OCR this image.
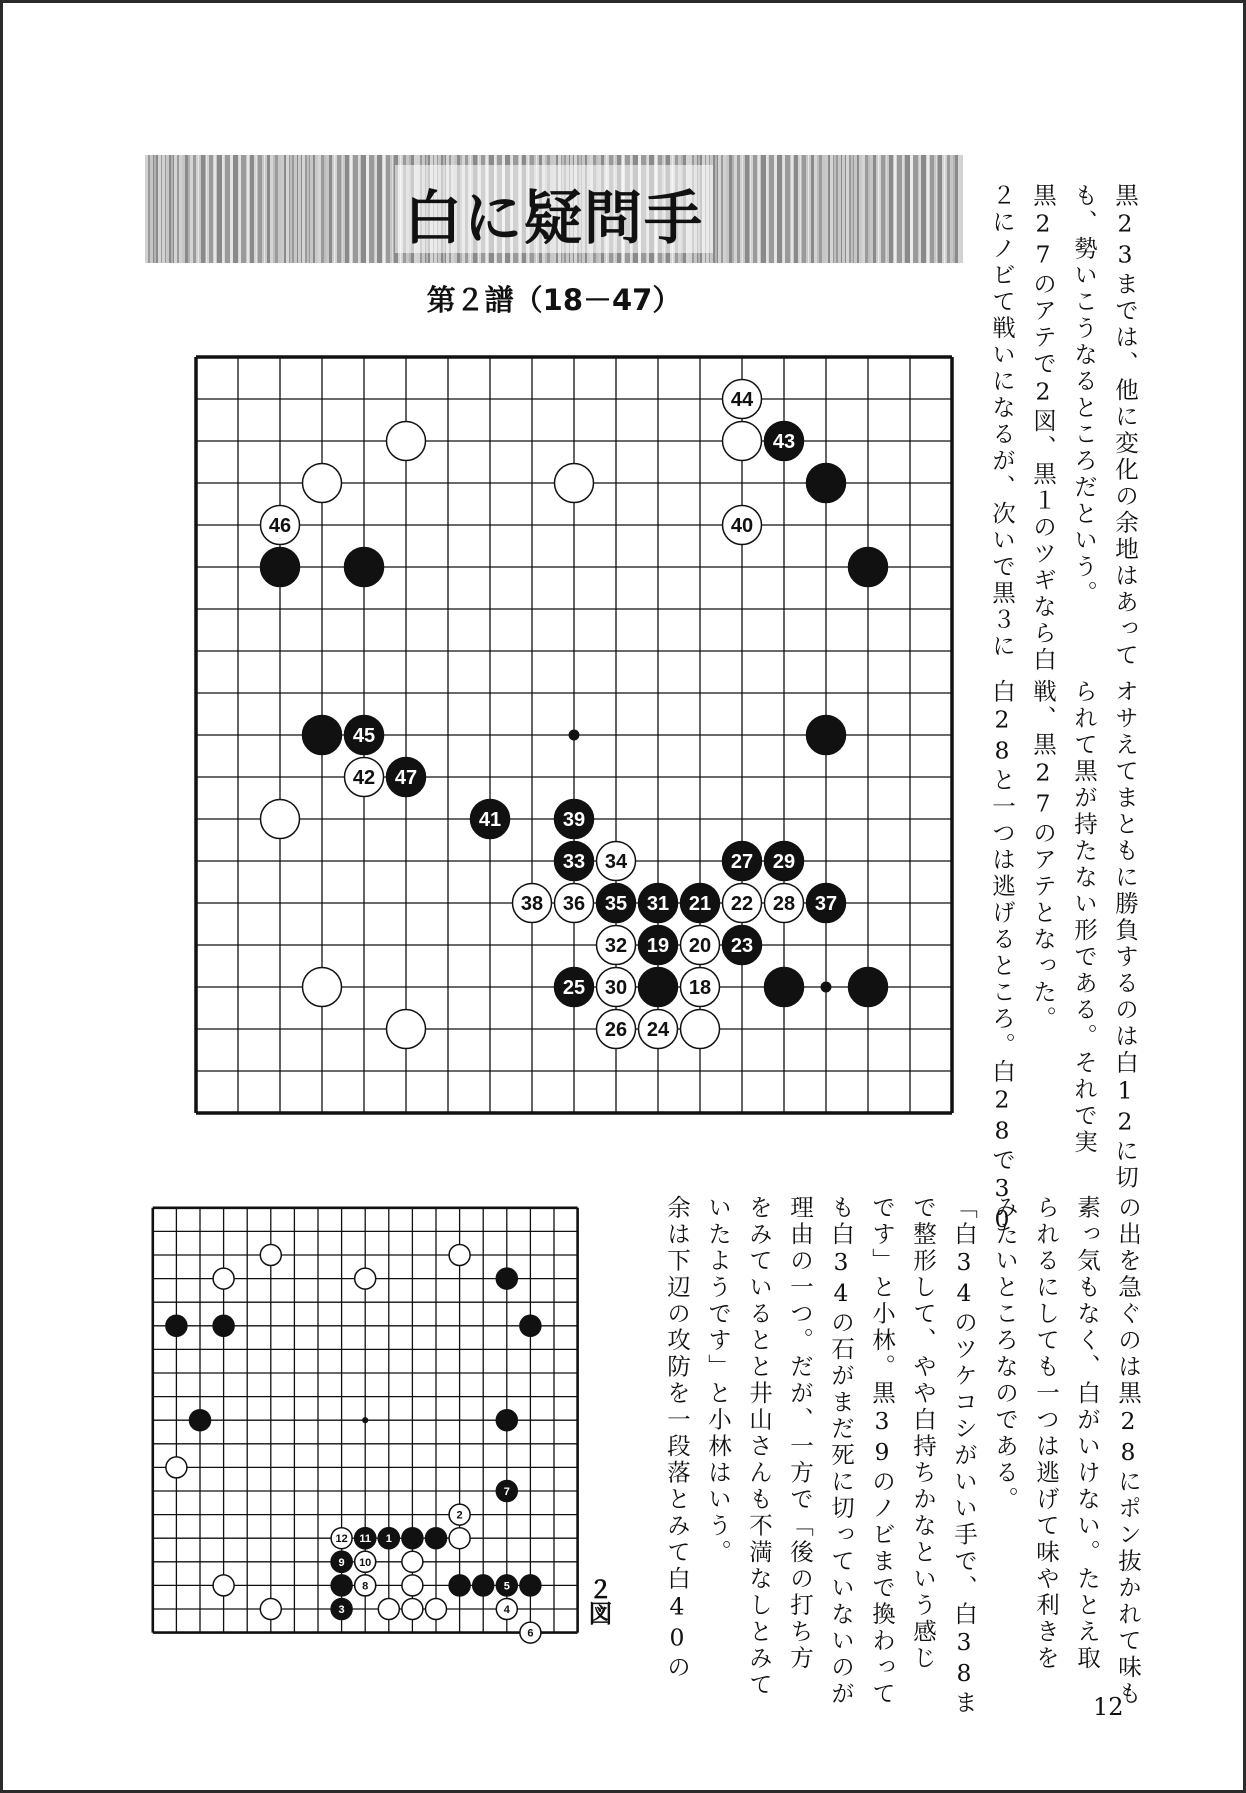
白に疑問手
第２譜（18－47）
19
21
23
25
27 29
31
33
35	37
39
41
43
45
47
18
20
22
24
26
28
30
32
34
36
38
40
42
44
46
1
3
5
7
9
11
2
4
6
8
10
12
２図
黒23までは、他に変化の余地はあって
も、勢いこうなるところだという。
黒27のアテで2図、黒１のツギなら白
２にノビて戦いになるが、次いで黒３に
オサえてまともに勝負するのは白12に切
られて黒が持たない形である。それで実
戦、黒27のアテとなった。
白28と一つは逃げるところ。白28で30
の出を急ぐのは黒28にポン抜かれて味も
素っ気もなく、白がいけない。たとえ取
られるにしても一つは逃げて味や利きを
みたいところなのである。
「白34のツケコシがいい手で、白38ま
で整形して、やや白持ちかなという感じ
です」と小林。黒39のノビまで換わって
も白34の石がまだ死に切っていないのが
理由の一つ。だが、一方で「後の打ち方
をみているとと井山さんも不満なしとみて
いたようです」と小林はいう。
余は下辺の攻防を一段落とみて白40の
12
